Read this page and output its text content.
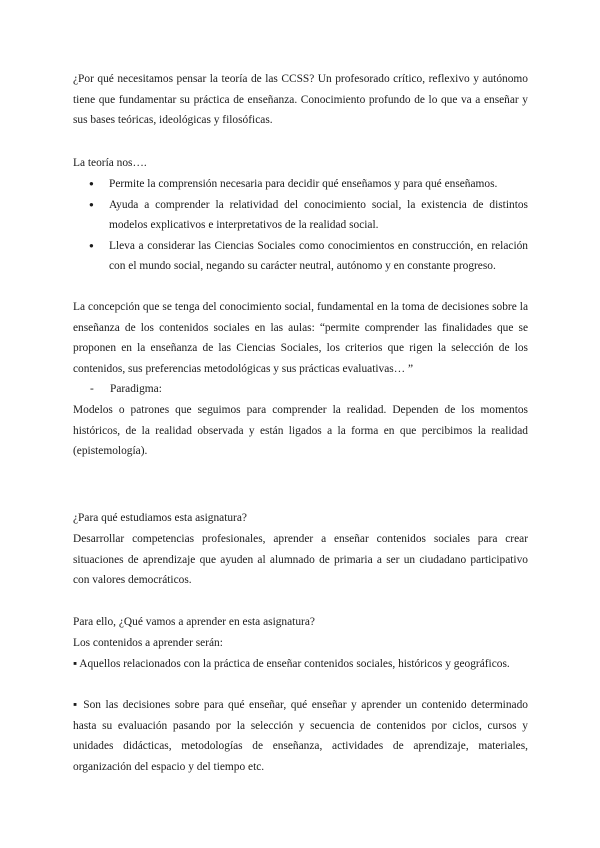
¿Por qué necesitamos pensar la teoría de las CCSS? Un profesorado crítico, reflexivo y autónomo tiene que fundamentar su práctica de enseñanza. Conocimiento profundo de lo que va a enseñar y sus bases teóricas, ideológicas y filosóficas.

La teoría nos….

● Permite la comprensión necesaria para decidir qué enseñamos y para qué enseñamos.
● Ayuda a comprender la relatividad del conocimiento social, la existencia de distintos modelos explicativos e interpretativos de la realidad social.
● Lleva a considerar las Ciencias Sociales como conocimientos en construcción, en relación con el mundo social, negando su carácter neutral, autónomo y en constante progreso.

La concepción que se tenga del conocimiento social, fundamental en la toma de decisiones sobre la enseñanza de los contenidos sociales en las aulas: “permite comprender las finalidades que se proponen en la enseñanza de las Ciencias Sociales, los criterios que rigen la selección de los contenidos, sus preferencias metodológicas y sus prácticas evaluativas… ”

- Paradigma:

Modelos o patrones que seguimos para comprender la realidad. Dependen de los momentos históricos, de la realidad observada y están ligados a la forma en que percibimos la realidad (epistemología).

¿Para qué estudiamos esta asignatura?

Desarrollar competencias profesionales, aprender a enseñar contenidos sociales para crear situaciones de aprendizaje que ayuden al alumnado de primaria a ser un ciudadano participativo con valores democráticos.

Para ello, ¿Qué vamos a aprender en esta asignatura?

Los contenidos a aprender serán:

▪ Aquellos relacionados con la práctica de enseñar contenidos sociales, históricos y geográficos.

▪ Son las decisiones sobre para qué enseñar, qué enseñar y aprender un contenido determinado hasta su evaluación pasando por la selección y secuencia de contenidos por ciclos, cursos y unidades didácticas, metodologías de enseñanza, actividades de aprendizaje, materiales, organización del espacio y del tiempo etc.
